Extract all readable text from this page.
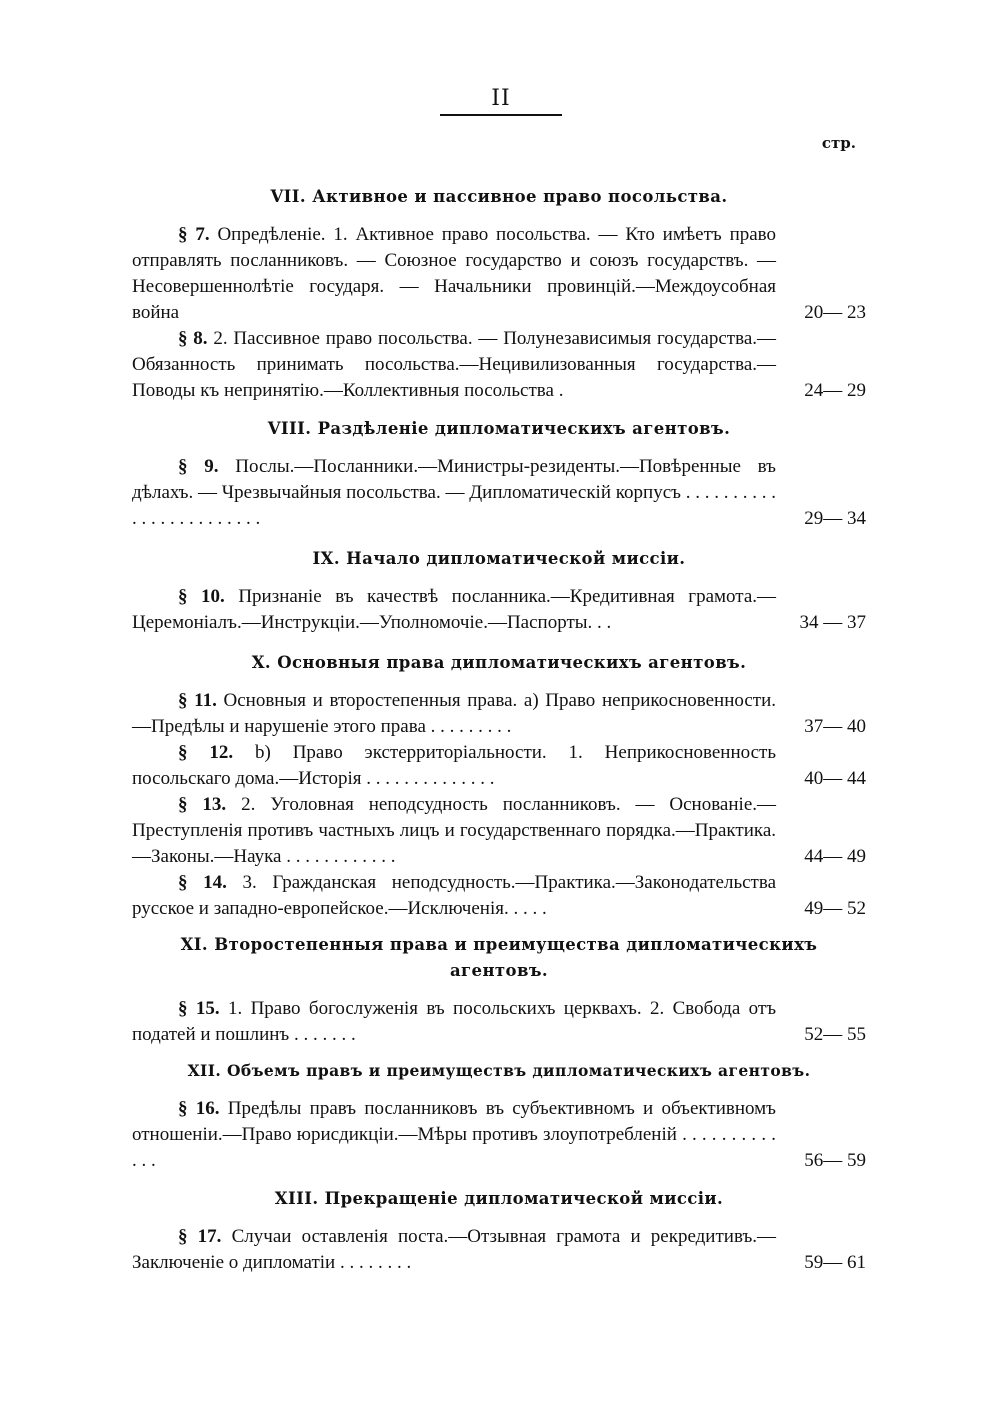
II
стр.
VII. Активное и пассивное право посольства.
§ 7. Опредѣленіе. 1. Активное право посольства. — Кто имѣетъ право отправлять посланниковъ. — Союзное государство и союзъ государствъ. — Несовершеннолѣтіе государя. — Начальники провинцій.—Междоусобная война	20— 23
§ 8. 2. Пассивное право посольства. — Полунезависимыя государства.—Обязанность принимать посольства.—Нецивилизованныя государства.—Поводы къ непринятію.—Коллективныя посольства .	24— 29
VIII. Раздѣленіе дипломатическихъ агентовъ.
§ 9. Послы.—Посланники.—Министры-резиденты.—Повѣренные въ дѣлахъ. — Чрезвычайныя посольства. — Дипломатическій корпусъ . . . . . . . . . . . . . . . . . . . . . . . .	29— 34
IX. Начало дипломатической миссіи.
§ 10. Признаніе въ качествѣ посланника.—Кредитивная грамота.—Церемоніалъ.—Инструкціи.—Уполномочіе.—Паспорты. . .	34 — 37
X. Основныя права дипломатическихъ агентовъ.
§ 11. Основныя и второстепенныя права. а) Право неприкосновенности.—Предѣлы и нарушеніе этого права . . . . . . . . .	37— 40
§ 12. b) Право экстерриторіальности. 1. Неприкосновенность посольскаго дома.—Исторія . . . . . . . . . . . . . .	40— 44
§ 13. 2. Уголовная неподсудность посланниковъ. — Основаніе.—Преступленія противъ частныхъ лицъ и государственнаго порядка.—Практика.—Законы.—Наука . . . . . . . . . . . .	44— 49
§ 14. 3. Гражданская неподсудность.—Практика.—Законодательства русское и западно-европейское.—Исключенія. . . . .	49— 52
XI. Второстепенныя права и преимущества дипломатическихъ агентовъ.
§ 15. 1. Право богослуженія въ посольскихъ церквахъ. 2. Свобода отъ податей и пошлинъ . . . . . . .	52— 55
XII. Объемъ правъ и преимуществъ дипломатическихъ агентовъ.
§ 16. Предѣлы правъ посланниковъ въ субъективномъ и объективномъ отношеніи.—Право юрисдикціи.—Мѣры противъ злоупотребленій . . . . . . . . . . . . .	56— 59
XIII. Прекращеніе дипломатической миссіи.
§ 17. Случаи оставленія поста.—Отзывная грамота и рекредитивъ.—Заключеніе о дипломатіи . . . . . . . .	59— 61
